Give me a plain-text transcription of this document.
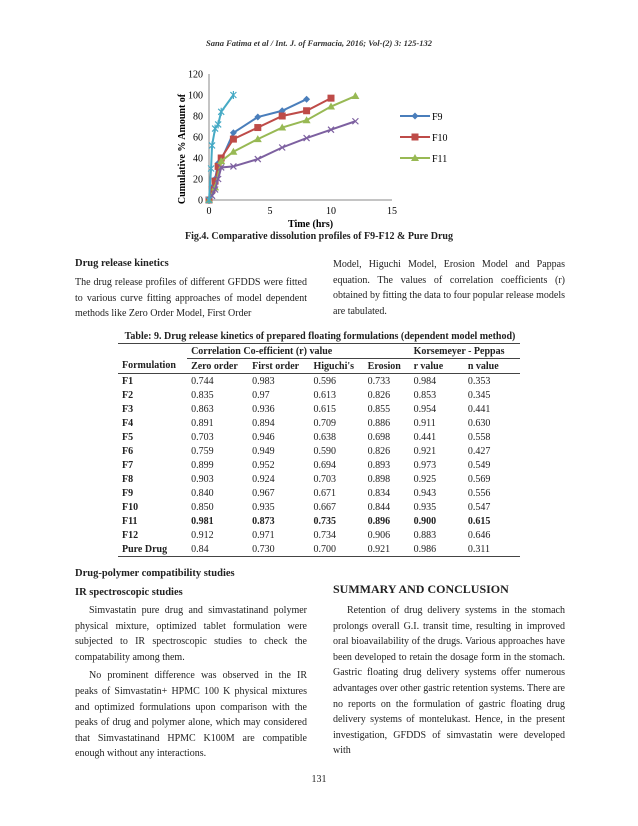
Sana Fatima et al / Int. J. of Farmacia, 2016; Vol-(2) 3: 125-132
0
20
40
60
80
100
120
0	5	10	15
Time (hrs)
Cumulative % Amount of	F9
F10
F11
Fig.4. Comparative dissolution profiles of F9-F12 & Pure Drug
Drug release kinetics

The drug release profiles of different GFDDS were fitted to various curve fitting approaches of model dependent methods like Zero Order Model, First Order

Model, Higuchi Model, Erosion Model and Pappas equation. The values of correlation coefficients (r) obtained by fitting the data to four popular release models are tabulated.

Table: 9. Drug release kinetics of prepared floating formulations (dependent model method)
	Correlation Co-efficient (r) value				Korsemeyer - Peppas	
Formulation	Zero order	First order	Higuchi's	Erosion	r value	n value
F1	0.744	0.983	0.596	0.733	0.984	0.353
F2	0.835	0.97	0.613	0.826	0.853	0.345
F3	0.863	0.936	0.615	0.855	0.954	0.441
F4	0.891	0.894	0.709	0.886	0.911	0.630
F5	0.703	0.946	0.638	0.698	0.441	0.558
F6	0.759	0.949	0.590	0.826	0.921	0.427
F7	0.899	0.952	0.694	0.893	0.973	0.549
F8	0.903	0.924	0.703	0.898	0.925	0.569
F9	0.840	0.967	0.671	0.834	0.943	0.556
F10	0.850	0.935	0.667	0.844	0.935	0.547
F11	0.981	0.873	0.735	0.896	0.900	0.615
F12	0.912	0.971	0.734	0.906	0.883	0.646
Pure Drug	0.84	0.730	0.700	0.921	0.986	0.311
Drug-polymer compatibility studies
IR spectroscopic studies

Simvastatin pure drug and simvastatinand polymer physical mixture, optimized tablet formulation were subjected to IR spectroscopic studies to check the compatability among them.

No prominent difference was observed in the IR peaks of Simvastatin+ HPMC 100 K physical mixtures and optimized formulations upon comparison with the peaks of drug and polymer alone, which may considered that Simvastatinand HPMC K100M are compatible enough without any interactions.

SUMMARY AND CONCLUSION

Retention of drug delivery systems in the stomach prolongs overall G.I. transit time, resulting in improved oral bioavailability of the drugs. Various approaches have been developed to retain the dosage form in the stomach. Gastric floating drug delivery systems offer numerous advantages over other gastric retention systems. There are no reports on the formulation of gastric floating drug delivery systems of montelukast. Hence, in the present investigation, GFDDS of simvastatin were developed with

131
